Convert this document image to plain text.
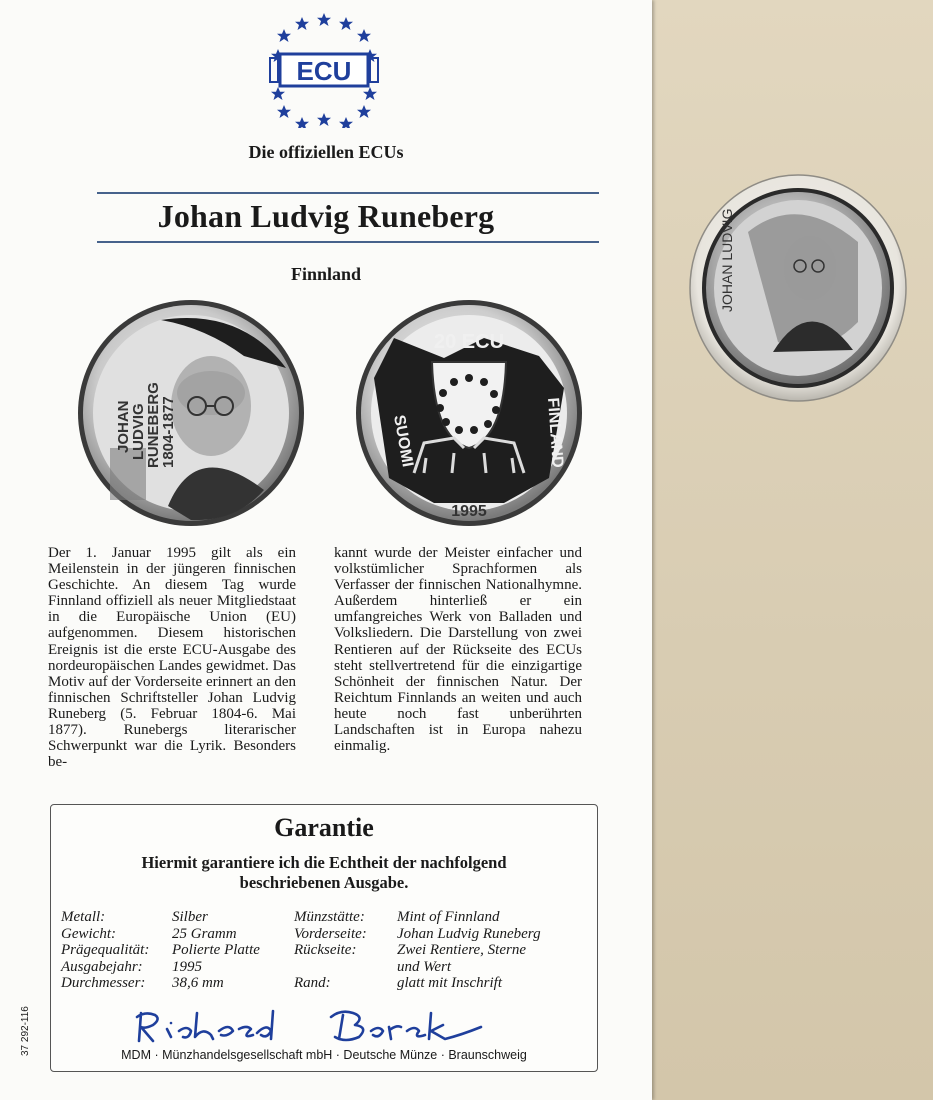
JOHAN LUDVIG
ECU
Die offiziellen ECUs
Johan Ludvig Runeberg
Finnland
JOHAN
LUDVIG
RUNEBERG
1804-1877
20 ECU
SUOMI	FINLAND
1995
Der 1. Januar 1995 gilt als ein Meilenstein in der jüngeren finnischen Geschichte. An diesem Tag wurde Finnland offiziell als neuer Mitgliedstaat in die Europäische Union (EU) aufgenommen. Diesem historischen Ereignis ist die erste ECU-Ausgabe des nordeuropäischen Landes gewidmet. Das Motiv auf der Vorderseite erinnert an den finnischen Schriftsteller Johan Ludvig Runeberg (5. Februar 1804-6. Mai 1877). Runebergs literarischer Schwerpunkt war die Lyrik. Besonders be-
kannt wurde der Meister einfacher und volkstümlicher Sprachformen als Verfasser der finnischen Nationalhymne. Außerdem hinterließ er ein umfangreiches Werk von Balladen und Volksliedern. Die Darstellung von zwei Rentieren auf der Rückseite des ECUs steht stellvertretend für die einzigartige Schönheit der finnischen Natur. Der Reichtum Finnlands an weiten und auch heute noch fast unberührten Landschaften ist in Europa nahezu einmalig.
Garantie
Hiermit garantiere ich die Echtheit der nachfolgend
beschriebenen Ausgabe.
Metall:
Gewicht:
Prägequalität:
Ausgabejahr:
Durchmesser:
Silber
25 Gramm
Polierte Platte
1995
38,6 mm
Münzstätte:
Vorderseite:
Rückseite:

Rand:
Mint of Finnland
Johan Ludvig Runeberg
Zwei Rentiere, Sterne
und Wert
glatt mit Inschrift
MDM · Münzhandelsgesellschaft mbH · Deutsche Münze · Braunschweig
37 292-116
